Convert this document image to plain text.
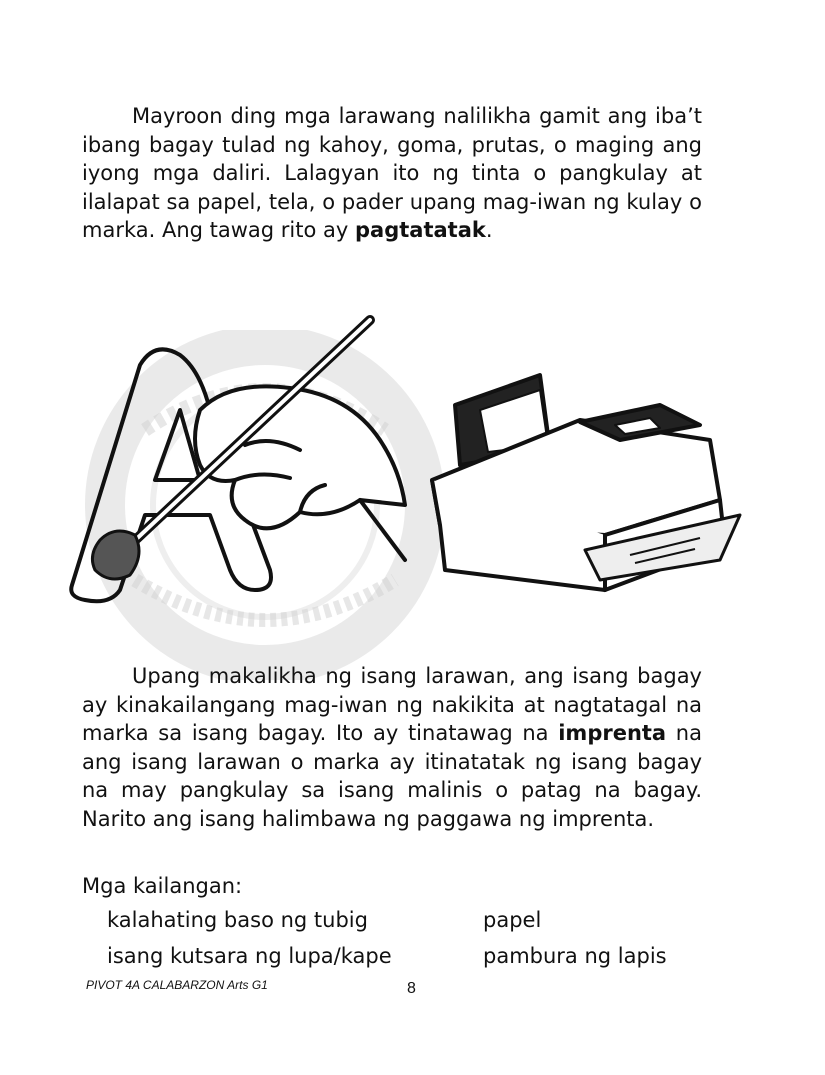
Mayroon ding mga larawang nalilikha gamit ang iba’t ibang bagay tulad ng kahoy, goma, prutas, o maging ang iyong mga daliri. Lalagyan ito ng tinta o pangkulay at ilalapat sa papel, tela, o pader upang mag-iwan ng kulay o marka. Ang tawag rito ay pagtatatak.

Upang makalikha ng isang larawan, ang isang bagay ay kinakailangang mag-iwan ng nakikita at nagtatagal na marka sa isang bagay. Ito ay tinatawag na imprenta na ang isang larawan o marka ay itinatatak ng isang bagay na may pangkulay sa isang malinis o patag na bagay. Narito ang isang halimbawa ng paggawa ng imprenta.

Mga kailangan:
kalahating baso ng tubig
isang kutsara ng lupa/kape
papel
pambura ng lapis
PIVOT 4A CALABARZON Arts G1	8
